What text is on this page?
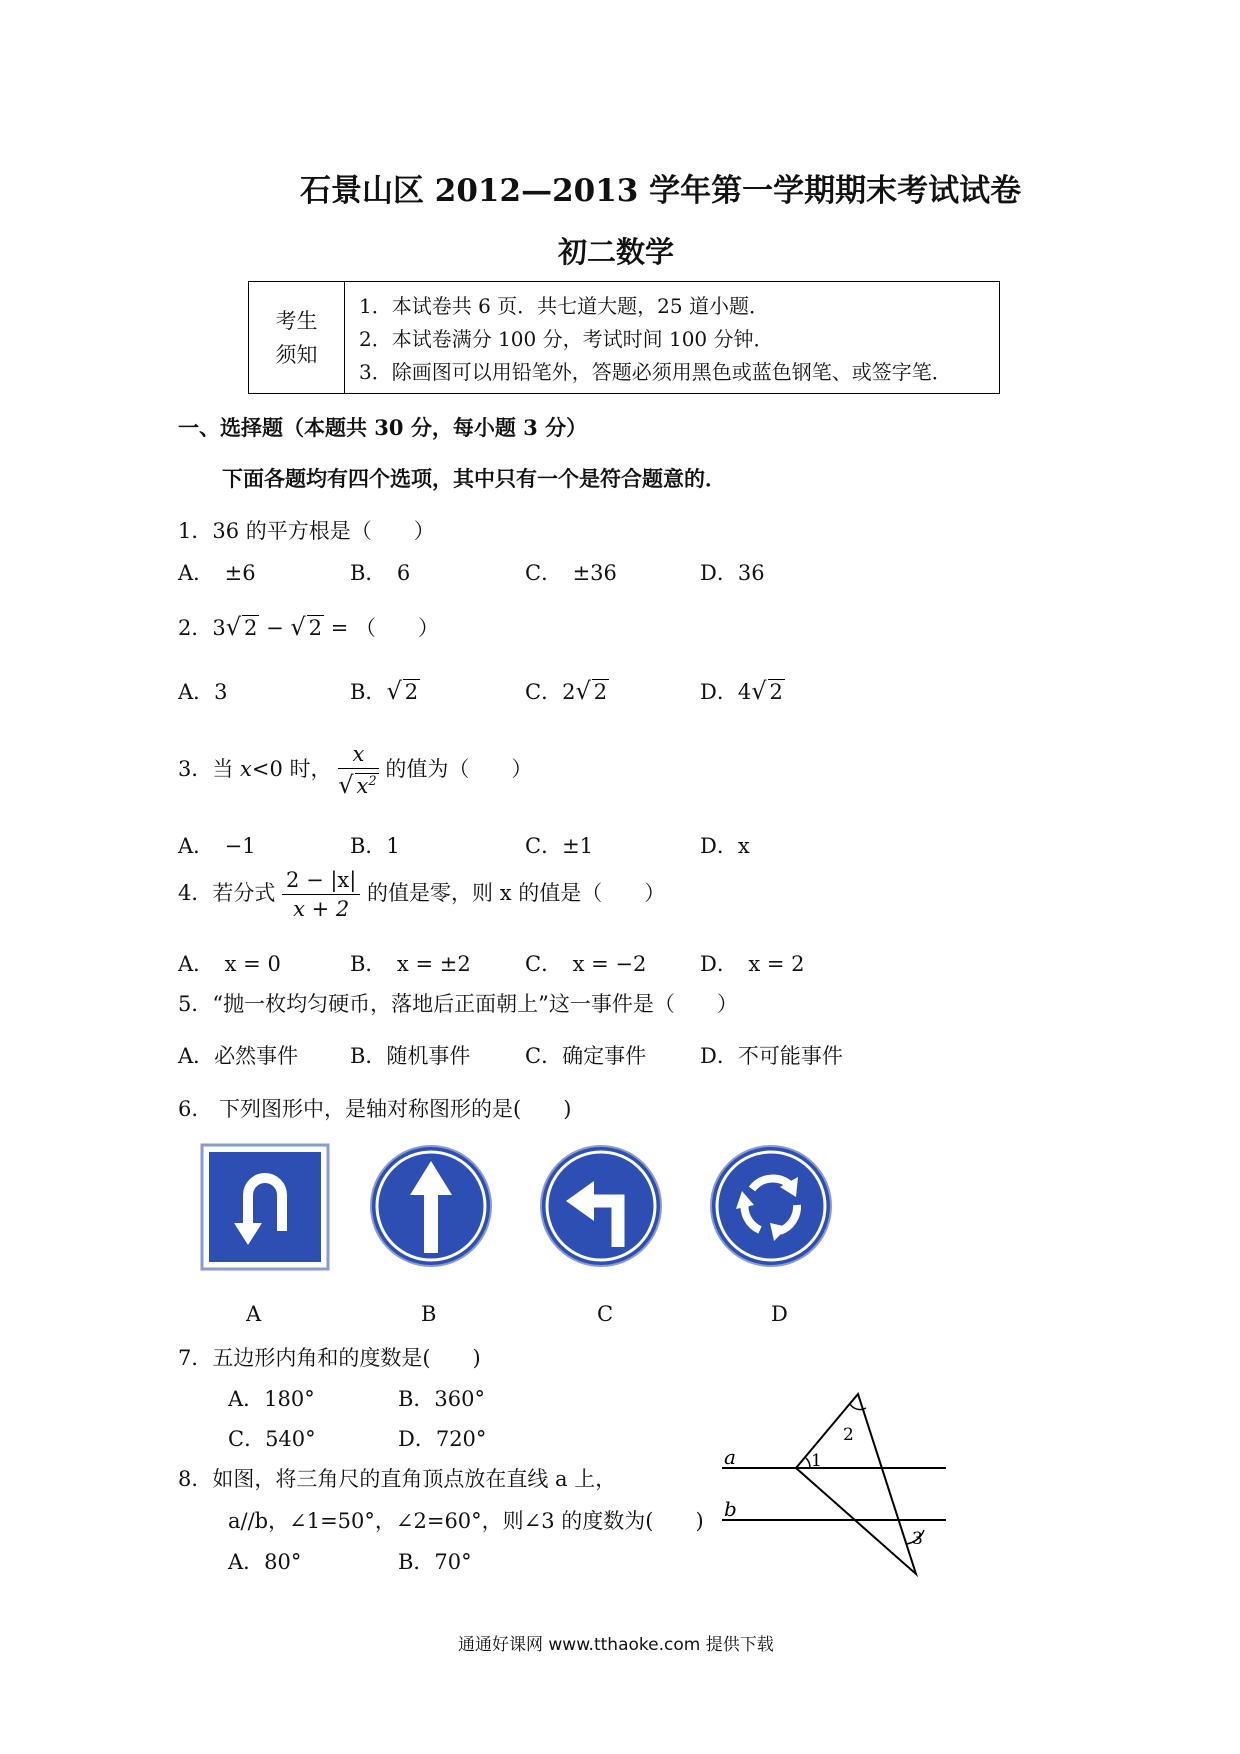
石景山区 2012—2013 学年第一学期期末考试试卷
初二数学
考生
须知
1．本试卷共 6 页．共七道大题，25 道小题．
2．本试卷满分 100 分，考试时间 100 分钟．
3．除画图可以用铅笔外，答题必须用黑色或蓝色钢笔、或签字笔．
一、选择题（本题共 30 分，每小题 3 分）
下面各题均有四个选项，其中只有一个是符合题意的．
1．36 的平方根是（　　）
A．　±6	B．　6	C．　±36	D．36
2．3√ 2 − √ 2 = （　　）
A．3	B．√ 2	C．2√ 2	D．4√ 2
3．当 x<0 时， $\frac{x}{√ x^2}$ 的值为（　　）
A．　−1	B．1	C．±1	D．x
4．若分式 $\frac{2 - |x|}{x + 2}$ 的值是零，则 x 的值是（　　）
A．　x = 0	B．　x = ±2	C．　x = −2	D．　x = 2
5．“抛一枚均匀硬币，落地后正面朝上”这一事件是（　　）
A．必然事件 B．随机事件	C．确定事件	D．不可能事件
6.　下列图形中，是轴对称图形的是(　　)
A	B	C	D
7．五边形内角和的度数是(　　)
A．180°	B．360°
C．540°	D．720°
8．如图，将三角尺的直角顶点放在直线 a 上，
a//b，∠1=50°，∠2=60°，则∠3 的度数为(　　)
A．80°	B．70°
a
b
1
2
3
通通好课网 www.tthaoke.com 提供下载
